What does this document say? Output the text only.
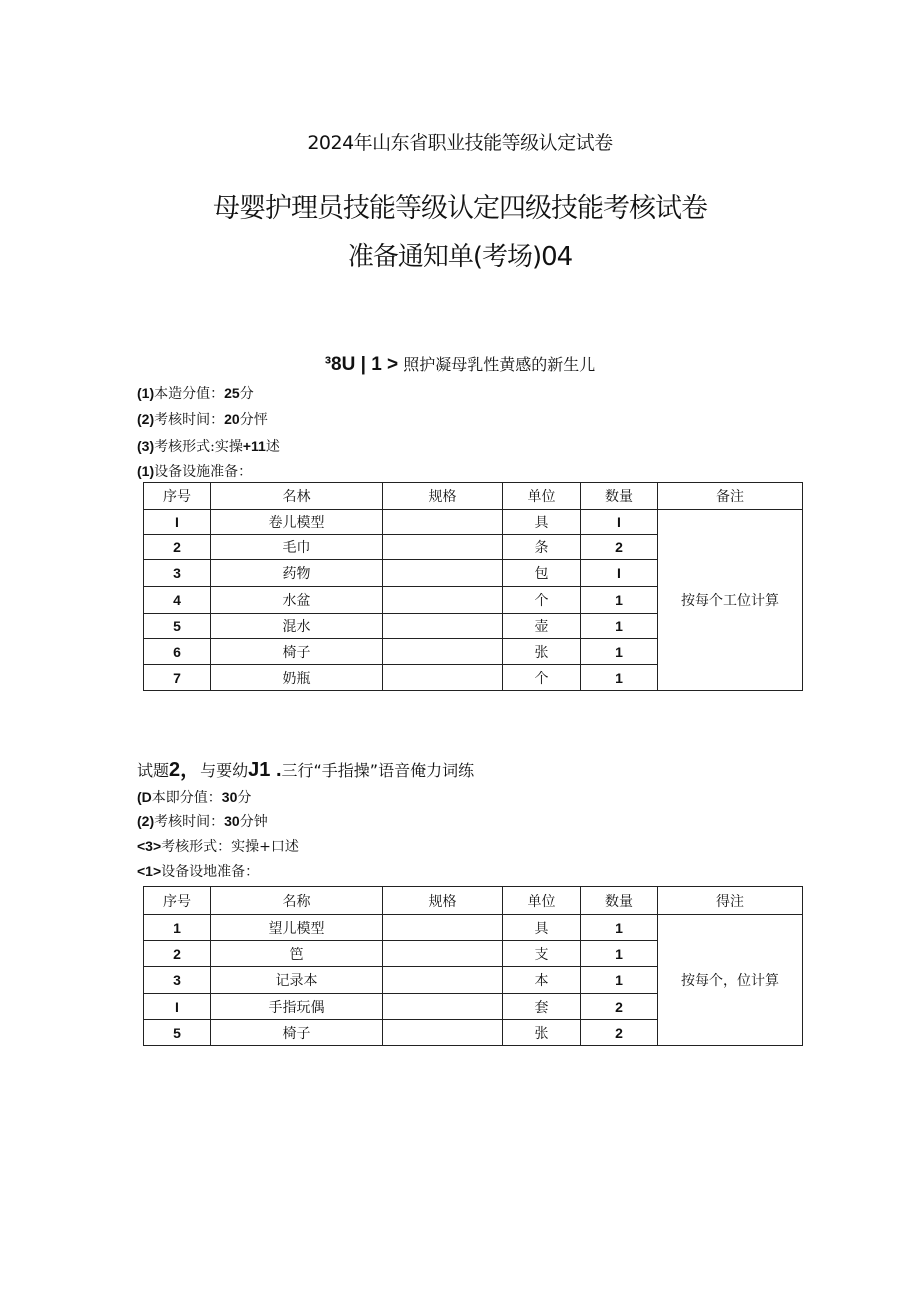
2024年山东省职业技能等级认定试卷
母婴护理员技能等级认定四级技能考核试卷
准备通知单(考场)04
³8U | 1 > 照护凝母乳性黄感的新生儿
(1)本造分值：25分
(2)考核时间：20分怦
(3)考核形式:实操+11述
(1)设备设施准备：
序号	名林	规格	单位	数量	备注
I	卷儿模型		具	I	按每个工位计算
2	毛巾		条	2	
3	药物		包	I	
4	水盆		个	1	
5	混水		壶	1	
6	椅子		张	1	
7	奶瓶		个	1	
试题2，与要幼J1 .三行“手指操”语音俺力词练
(D本即分值：30分
(2)考核时间：30分钟
<3>考核形式：实操+口述
<1>设备设地准备：
序号	名称	规格	单位	数量	得注
1	望儿模型		具	1	按每个，位计算
2	笆		支	1	
3	记录本		本	1	
I	手指玩偶		套	2	
5	椅子		张	2	
